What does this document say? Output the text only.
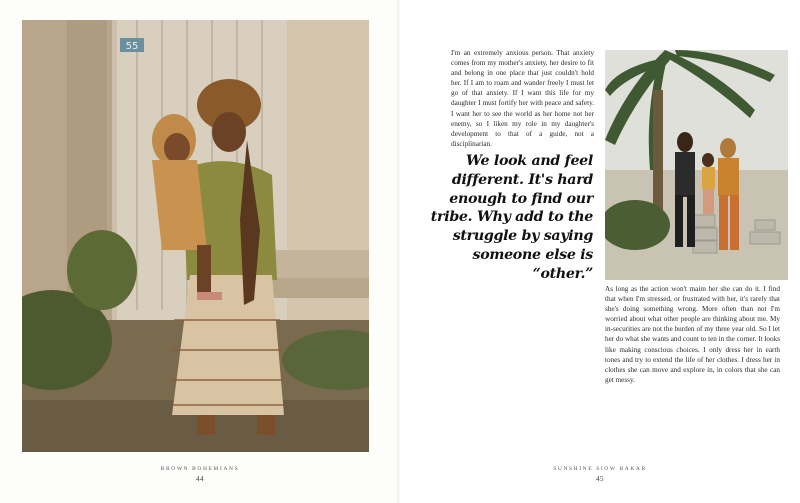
55
BROWN BOHEMIANS
44
I'm an extremely anxious person. That anxiety comes from my mother's anxiety, her desire to fit and belong in one place that just couldn't hold her. If I am to roam and wander freely I must let go of that anxiety. If I want this life for my daughter I must fortify her with peace and safety. I want her to see the world as her home not her enemy, so I liken my role in my daughter's development to that of a guide, not a disciplinarian.
We look and feel different. It's hard enough to find our tribe. Why add to the struggle by saying someone else is “other.”
As long as the action won't maim her she can do it. I find that when I'm stressed, or frustrated with her, it's rarely that she's doing something wrong. More often than not I'm worried about what other people are thinking about me. My in-securities are not the burden of my three year old. So I let her do what she wants and count to ten in the corner. It looks like making conscious choices. I only dress her in earth tones and try to extend the life of her clothes. I dress her in clothes she can move and explore in, in colors that she can get messy.
SUNSHINE SIOW BAKAR
45
